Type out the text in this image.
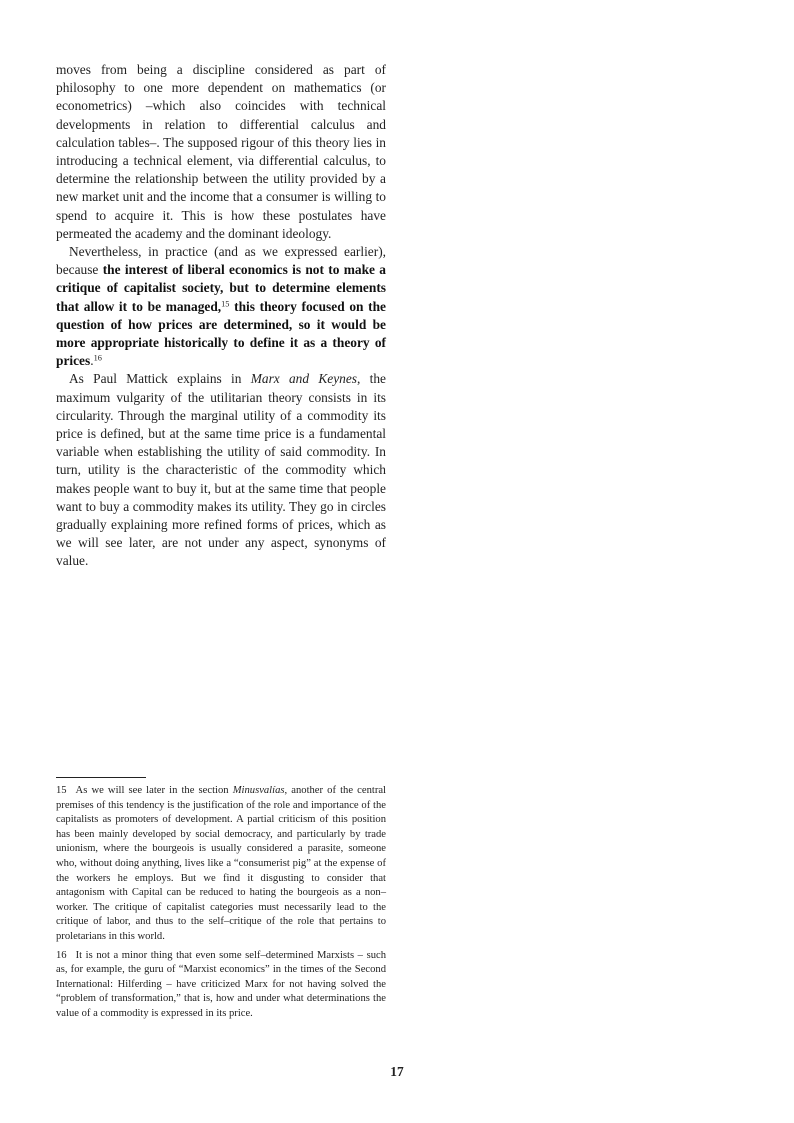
moves from being a discipline considered as part of philosophy to one more dependent on mathematics (or econometrics) –which also coincides with technical developments in relation to differential calculus and calculation tables–. The supposed rigour of this theory lies in introducing a technical element, via differential calculus, to determine the relationship between the utility provided by a new market unit and the income that a consumer is willing to spend to acquire it. This is how these postulates have permeated the academy and the dominant ideology.

Nevertheless, in practice (and as we expressed earlier), because the interest of liberal economics is not to make a critique of capitalist society, but to determine elements that allow it to be managed,$^{15}$ this theory focused on the question of how prices are determined, so it would be more appropriate historically to define it as a theory of prices.$^{16}$

As Paul Mattick explains in Marx and Keynes, the maximum vulgarity of the utilitarian theory consists in its circularity. Through the marginal utility of a commodity its price is defined, but at the same time price is a fundamental variable when establishing the utility of said commodity. In turn, utility is the characteristic of the commodity which makes people want to buy it, but at the same time that people want to buy a commodity makes its utility. They go in circles gradually explaining more refined forms of prices, which as we will see later, are not under any aspect, synonyms of value.

15 As we will see later in the section Minusvalías, another of the central premises of this tendency is the justification of the role and importance of the capitalists as promoters of development. A partial criticism of this position has been mainly developed by social democracy, and particularly by trade unionism, where the bourgeois is usually considered a parasite, someone who, without doing anything, lives like a “consumerist pig” at the expense of the workers he employs. But we find it disgusting to consider that antagonism with Capital can be reduced to hating the bourgeois as a non–worker. The critique of capitalist categories must necessarily lead to the critique of labor, and thus to the self–critique of the role that pertains to proletarians in this world.

16 It is not a minor thing that even some self–determined Marxists – such as, for example, the guru of “Marxist economics” in the times of the Second International: Hilferding – have criticized Marx for not having solved the “problem of transformation,” that is, how and under what determinations the value of a commodity is expressed in its price.

17
